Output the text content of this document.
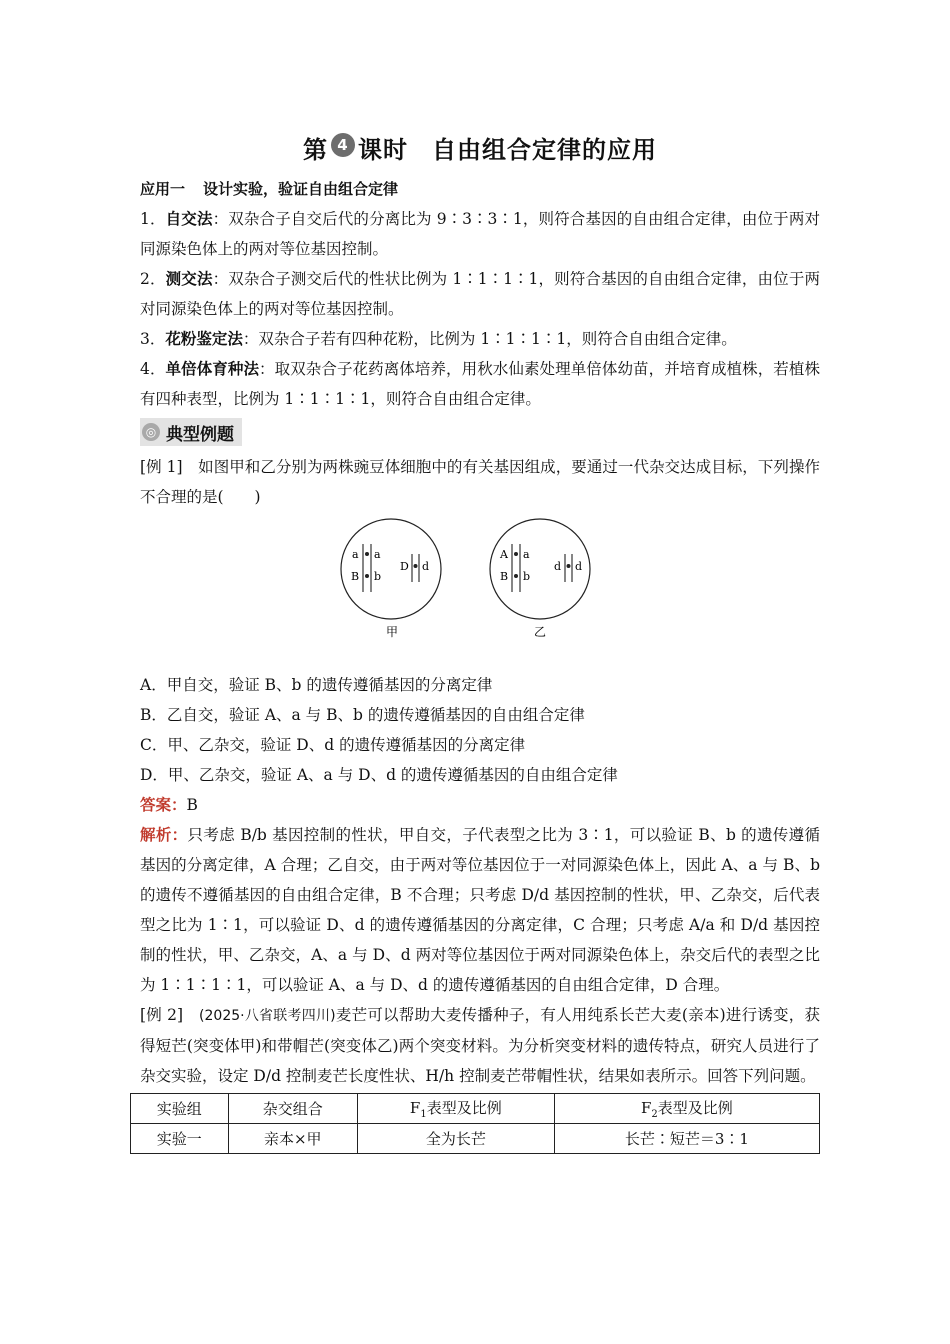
第 4 课时 自由组合定律的应用
应用一 设计实验，验证自由组合定律

1．自交法：双杂合子自交后代的分离比为 9∶3∶3∶1，则符合基因的自由组合定律，由位于两对同源染色体上的两对等位基因控制。

2．测交法：双杂合子测交后代的性状比例为 1∶1∶1∶1，则符合基因的自由组合定律，由位于两对同源染色体上的两对等位基因控制。

3．花粉鉴定法：双杂合子若有四种花粉，比例为 1∶1∶1∶1，则符合自由组合定律。

4．单倍体育种法：取双杂合子花药离体培养，用秋水仙素处理单倍体幼苗，并培育成植株，若植株有四种表型，比例为 1∶1∶1∶1，则符合自由组合定律。

◎ 典型例题

[例 1]　 如图甲和乙分别为两株豌豆体细胞中的有关基因组成，要通过一代杂交达成目标，下列操作不合理的是(　　)

a a
B b
D d
甲
A a
B b
d d
乙

A．甲自交，验证 B、b 的遗传遵循基因的分离定律

B．乙自交，验证 A、a 与 B、b 的遗传遵循基因的自由组合定律

C．甲、乙杂交，验证 D、d 的遗传遵循基因的分离定律

D．甲、乙杂交，验证 A、a 与 D、d 的遗传遵循基因的自由组合定律

答案：B

解析：只考虑 B/b 基因控制的性状，甲自交，子代表型之比为 3∶1，可以验证 B、b 的遗传遵循基因的分离定律，A 合理；乙自交，由于两对等位基因位于一对同源染色体上，因此 A、a 与 B、b 的遗传不遵循基因的自由组合定律，B 不合理；只考虑 D/d 基因控制的性状，甲、乙杂交，后代表型之比为 1∶1，可以验证 D、d 的遗传遵循基因的分离定律，C 合理；只考虑 A/a 和 D/d 基因控制的性状，甲、乙杂交，A、a 与 D、d 两对等位基因位于两对同源染色体上，杂交后代的表型之比为 1∶1∶1∶1，可以验证 A、a 与 D、d 的遗传遵循基因的自由组合定律，D 合理。

[例 2]　 (2025·八省联考四川)麦芒可以帮助大麦传播种子，有人用纯系长芒大麦(亲本)进行诱变，获得短芒(突变体甲)和带帽芒(突变体乙)两个突变材料。为分析突变材料的遗传特点，研究人员进行了杂交实验，设定 D/d 控制麦芒长度性状、H/h 控制麦芒带帽性状，结果如表所示。回答下列问题。

实验组	杂交组合	$F_1$表型及比例	$F_2$表型及比例
实验一	亲本×甲	全为长芒	长芒∶短芒＝3∶1
